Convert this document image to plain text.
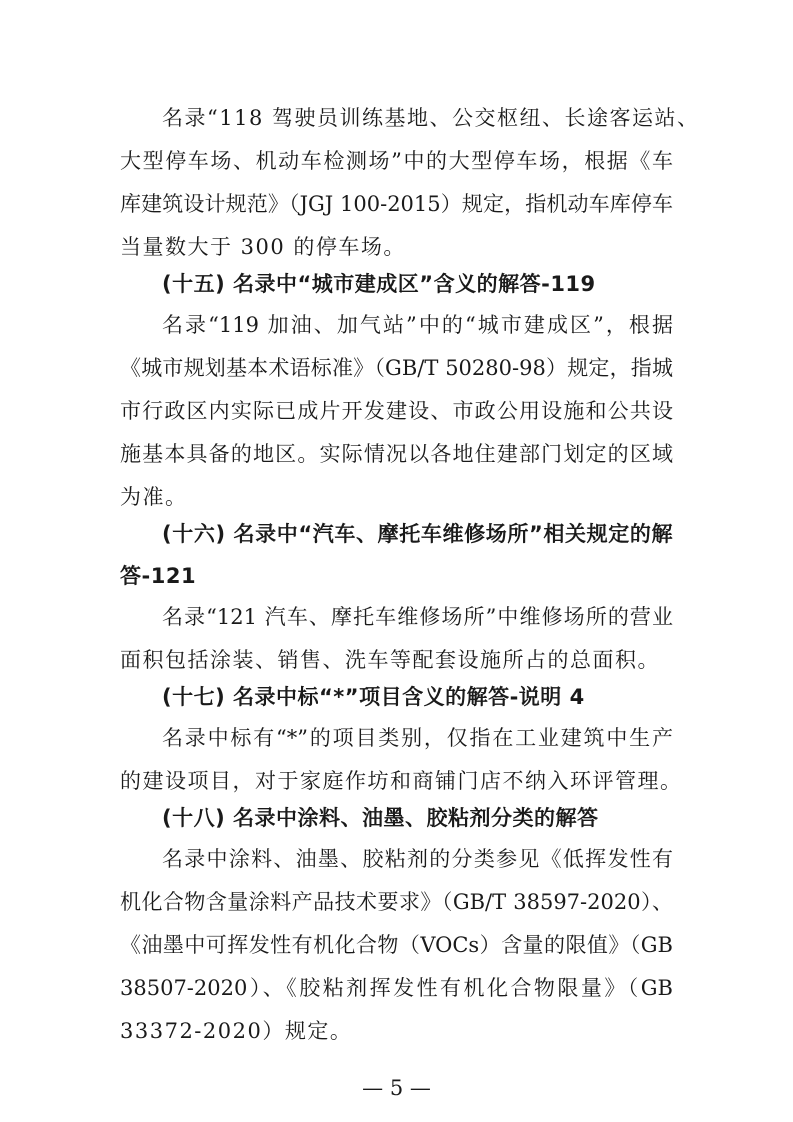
名录“118 驾驶员训练基地、公交枢纽、长途客运站、
大型停车场、机动车检测场”中的大型停车场，根据《车
库建筑设计规范》（JGJ 100-2015）规定，指机动车库停车
当量数大于 300 的停车场。
(十五) 名录中“城市建成区”含义的解答-119
名录“119 加油、加气站”中的“城市建成区”，根据
《城市规划基本术语标准》（GB/T 50280-98）规定，指城
市行政区内实际已成片开发建设、市政公用设施和公共设
施基本具备的地区。实际情况以各地住建部门划定的区域
为准。
(十六) 名录中“汽车、摩托车维修场所”相关规定的解
答-121
名录“121 汽车、摩托车维修场所”中维修场所的营业
面积包括涂装、销售、洗车等配套设施所占的总面积。
(十七) 名录中标“*”项目含义的解答-说明 4
名录中标有“*”的项目类别，仅指在工业建筑中生产
的建设项目，对于家庭作坊和商铺门店不纳入环评管理。
(十八) 名录中涂料、油墨、胶粘剂分类的解答
名录中涂料、油墨、胶粘剂的分类参见《低挥发性有
机化合物含量涂料产品技术要求》（GB/T 38597-2020）、
《油墨中可挥发性有机化合物（VOCs）含量的限值》（GB
38507-2020）、《胶粘剂挥发性有机化合物限量》（GB
33372-2020）规定。
— 5 —
